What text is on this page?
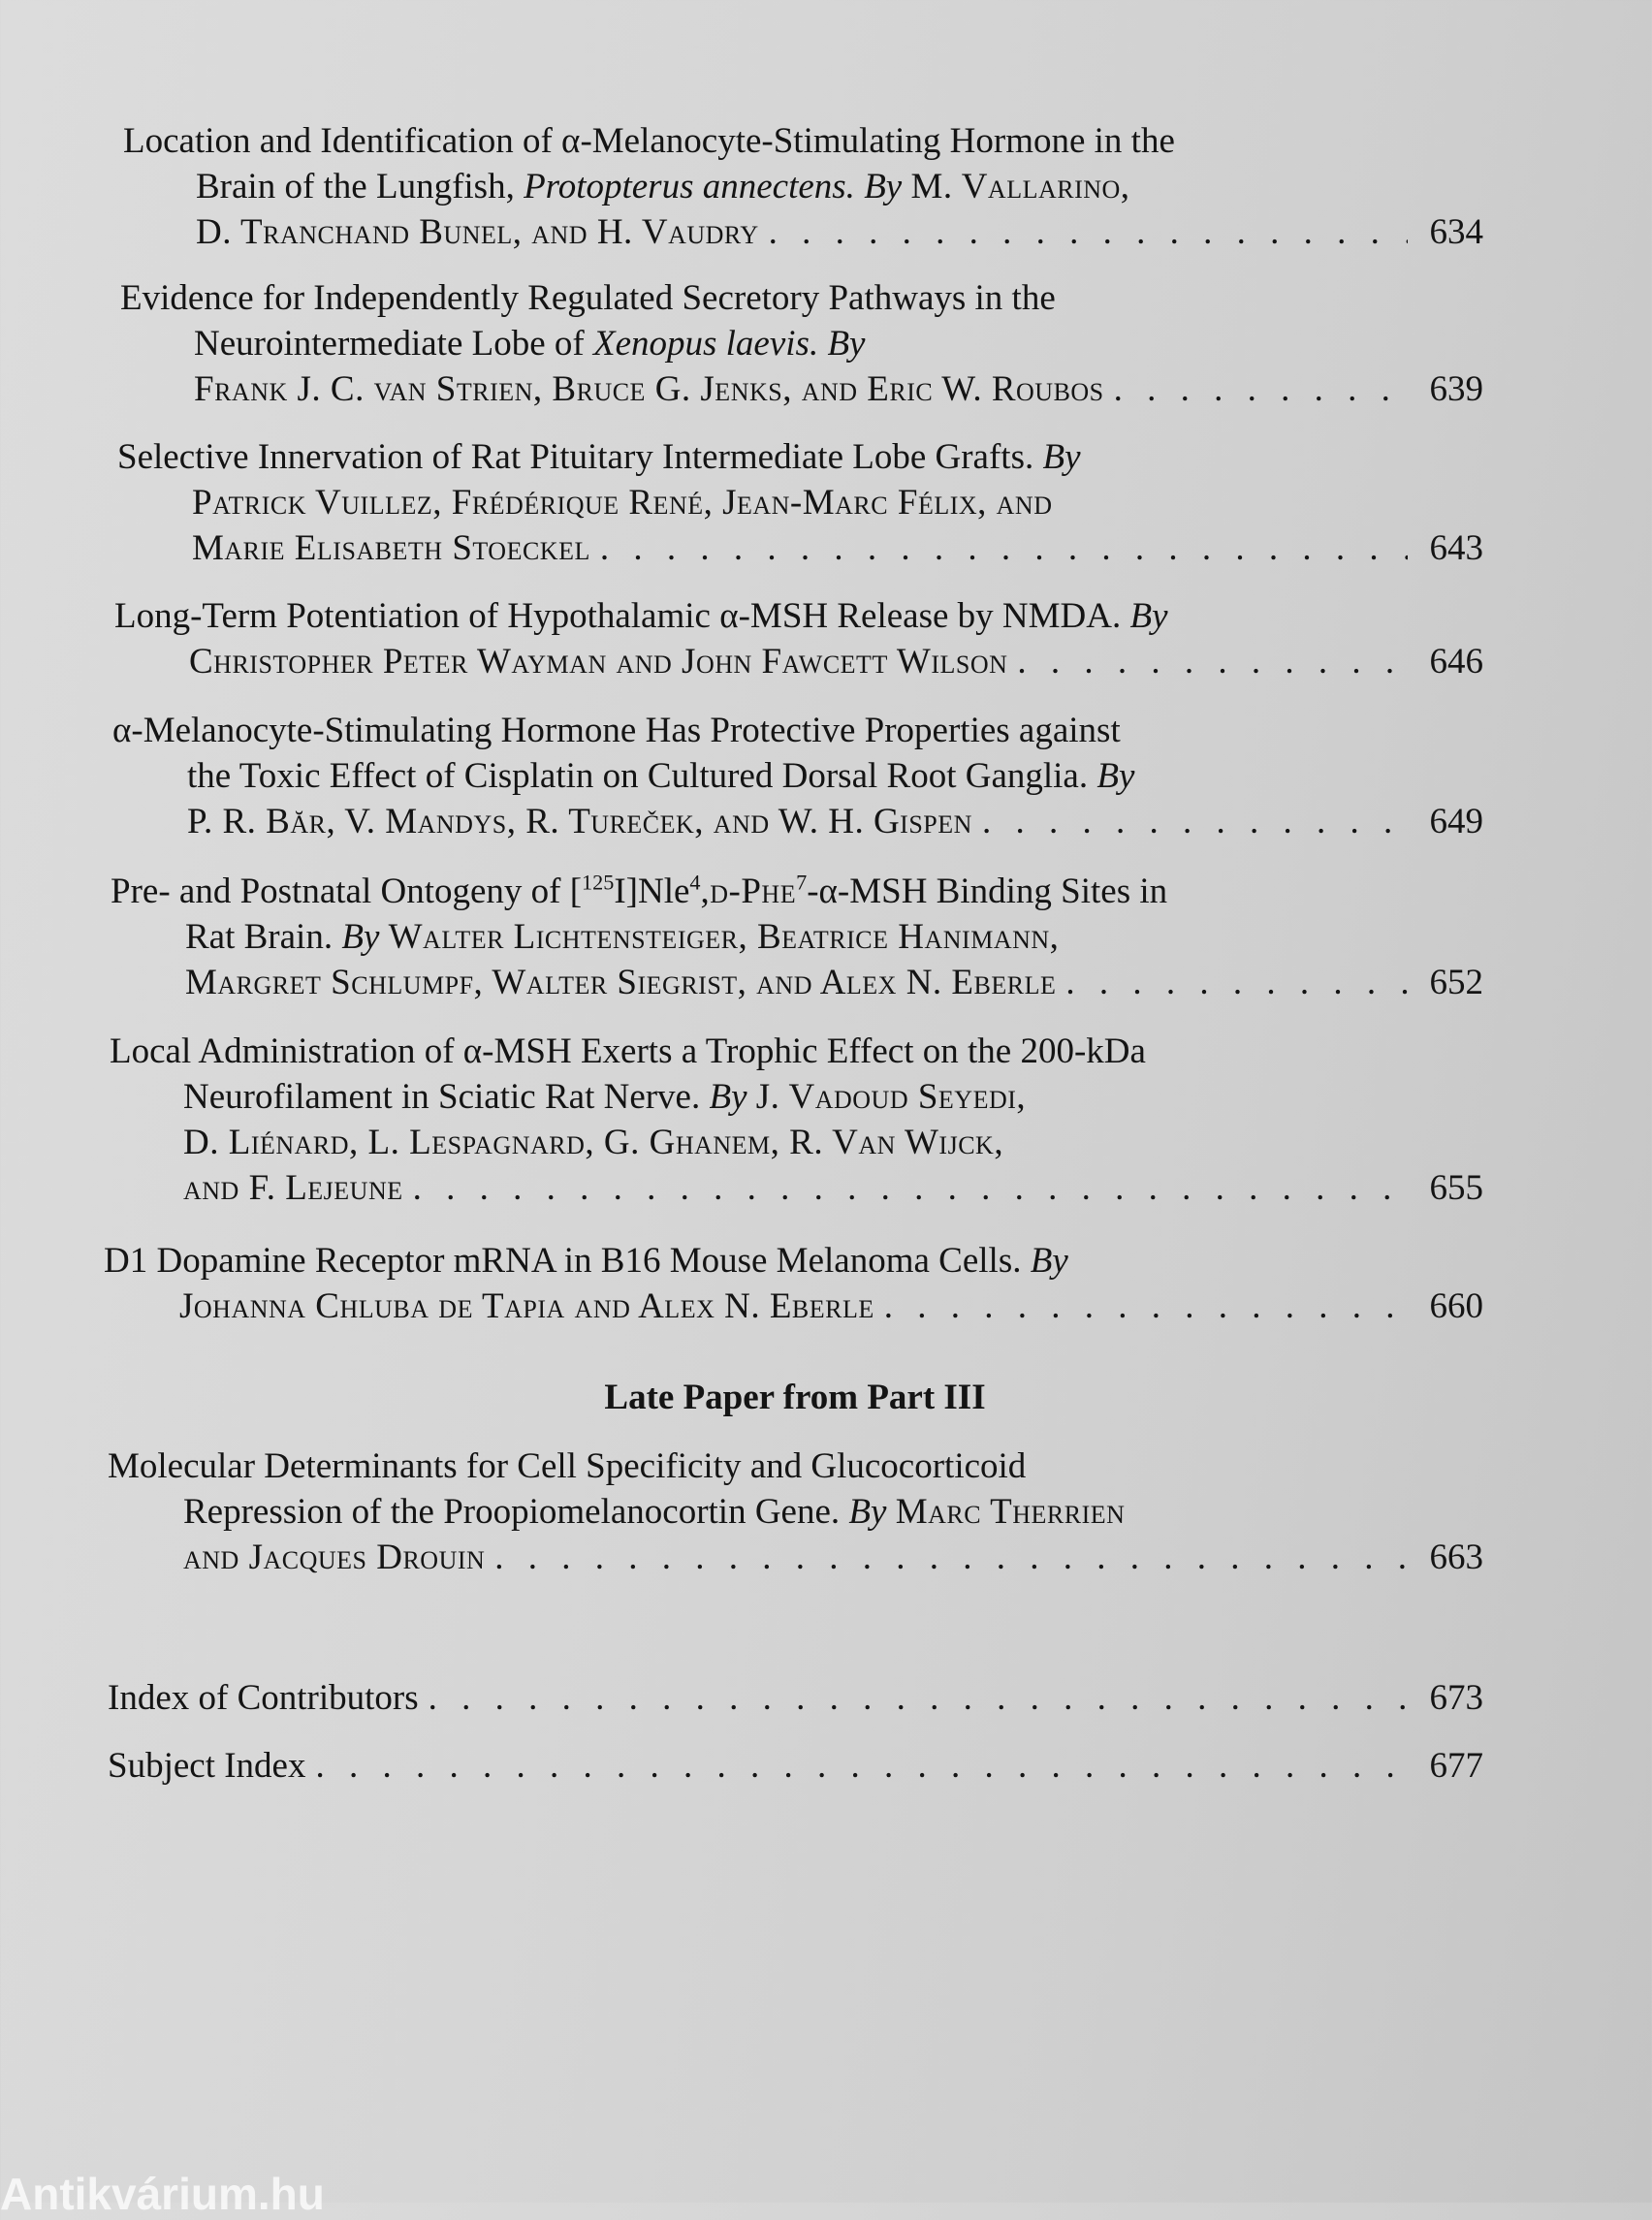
Location and Identification of α-Melanocyte-Stimulating Hormone in the
Brain of the Lungfish, Protopterus annectens. By M. Vallarino,
D. Tranchand Bunel, and H. Vaudry . . .	634
Evidence for Independently Regulated Secretory Pathways in the
Neurointermediate Lobe of Xenopus laevis. By
Frank J. C. van Strien, Bruce G. Jenks, and Eric W. Roubos . . .	639
Selective Innervation of Rat Pituitary Intermediate Lobe Grafts. By
Patrick Vuillez, Frédérique René, Jean-Marc Félix, and
Marie Elisabeth Stoeckel . . .	643
Long-Term Potentiation of Hypothalamic α-MSH Release by NMDA. By
Christopher Peter Wayman and John Fawcett Wilson . . .	646
α-Melanocyte-Stimulating Hormone Has Protective Properties against
the Toxic Effect of Cisplatin on Cultured Dorsal Root Ganglia. By
P. R. Băr, V. Mandys, R. Tureček, and W. H. Gispen . . .	649
Pre- and Postnatal Ontogeny of [$^{125}$I]Nle$^4$,d-Phe$^7$-α-MSH Binding Sites in
Rat Brain. By Walter Lichtensteiger, Beatrice Hanimann,
Margret Schlumpf, Walter Siegrist, and Alex N. Eberle . . .	652
Local Administration of α-MSH Exerts a Trophic Effect on the 200-kDa
Neurofilament in Sciatic Rat Nerve. By J. Vadoud Seyedi,
D. Liénard, L. Lespagnard, G. Ghanem, R. Van Wijck,
and F. Lejeune . . .	655
D1 Dopamine Receptor mRNA in B16 Mouse Melanoma Cells. By
Johanna Chluba de Tapia and Alex N. Eberle . . .	660
Late Paper from Part III
Molecular Determinants for Cell Specificity and Glucocorticoid
Repression of the Proopiomelanocortin Gene. By Marc Therrien
and Jacques Drouin . . .	663
Index of Contributors . . .	673
Subject Index . . .	677
Antikvárium.hu
